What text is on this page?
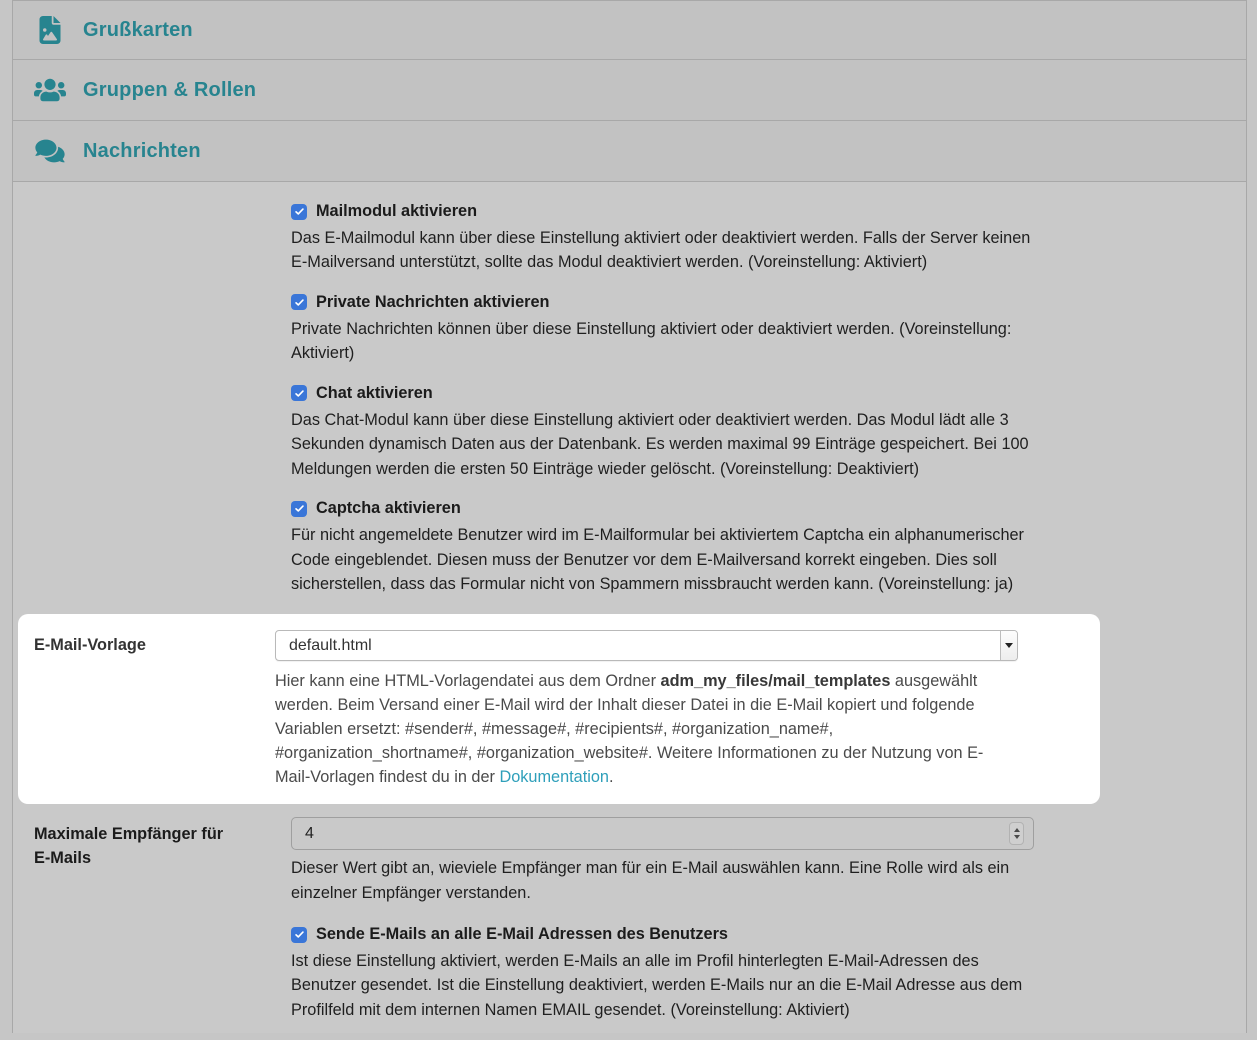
Grußkarten
Gruppen & Rollen
Nachrichten
Mailmodul aktivieren
Das E-Mailmodul kann über diese Einstellung aktiviert oder deaktiviert werden. Falls der Server keinen E-Mailversand unterstützt, sollte das Modul deaktiviert werden. (Voreinstellung: Aktiviert)
Private Nachrichten aktivieren
Private Nachrichten können über diese Einstellung aktiviert oder deaktiviert werden. (Voreinstellung: Aktiviert)
Chat aktivieren
Das Chat-Modul kann über diese Einstellung aktiviert oder deaktiviert werden. Das Modul lädt alle 3 Sekunden dynamisch Daten aus der Datenbank. Es werden maximal 99 Einträge gespeichert. Bei 100 Meldungen werden die ersten 50 Einträge wieder gelöscht. (Voreinstellung: Deaktiviert)
Captcha aktivieren
Für nicht angemeldete Benutzer wird im E-Mailformular bei aktiviertem Captcha ein alphanumerischer Code eingeblendet. Diesen muss der Benutzer vor dem E-Mailversand korrekt eingeben. Dies soll sicherstellen, dass das Formular nicht von Spammern missbraucht werden kann. (Voreinstellung: ja)
E-Mail-Vorlage	default.html
Hier kann eine HTML-Vorlagendatei aus dem Ordner adm_my_files/mail_templates ausgewählt werden. Beim Versand einer E-Mail wird der Inhalt dieser Datei in die E-Mail kopiert und folgende Variablen ersetzt: #sender#, #message#, #recipients#, #organization_name#, #organization_shortname#, #organization_website#. Weitere Informationen zu der Nutzung von E-Mail-Vorlagen findest du in der Dokumentation.
Maximale Empfänger für
E-Mails
4
Dieser Wert gibt an, wieviele Empfänger man für ein E-Mail auswählen kann. Eine Rolle wird als ein einzelner Empfänger verstanden.
Sende E-Mails an alle E-Mail Adressen des Benutzers
Ist diese Einstellung aktiviert, werden E-Mails an alle im Profil hinterlegten E-Mail-Adressen des Benutzer gesendet. Ist die Einstellung deaktiviert, werden E-Mails nur an die E-Mail Adresse aus dem Profilfeld mit dem internen Namen EMAIL gesendet. (Voreinstellung: Aktiviert)
